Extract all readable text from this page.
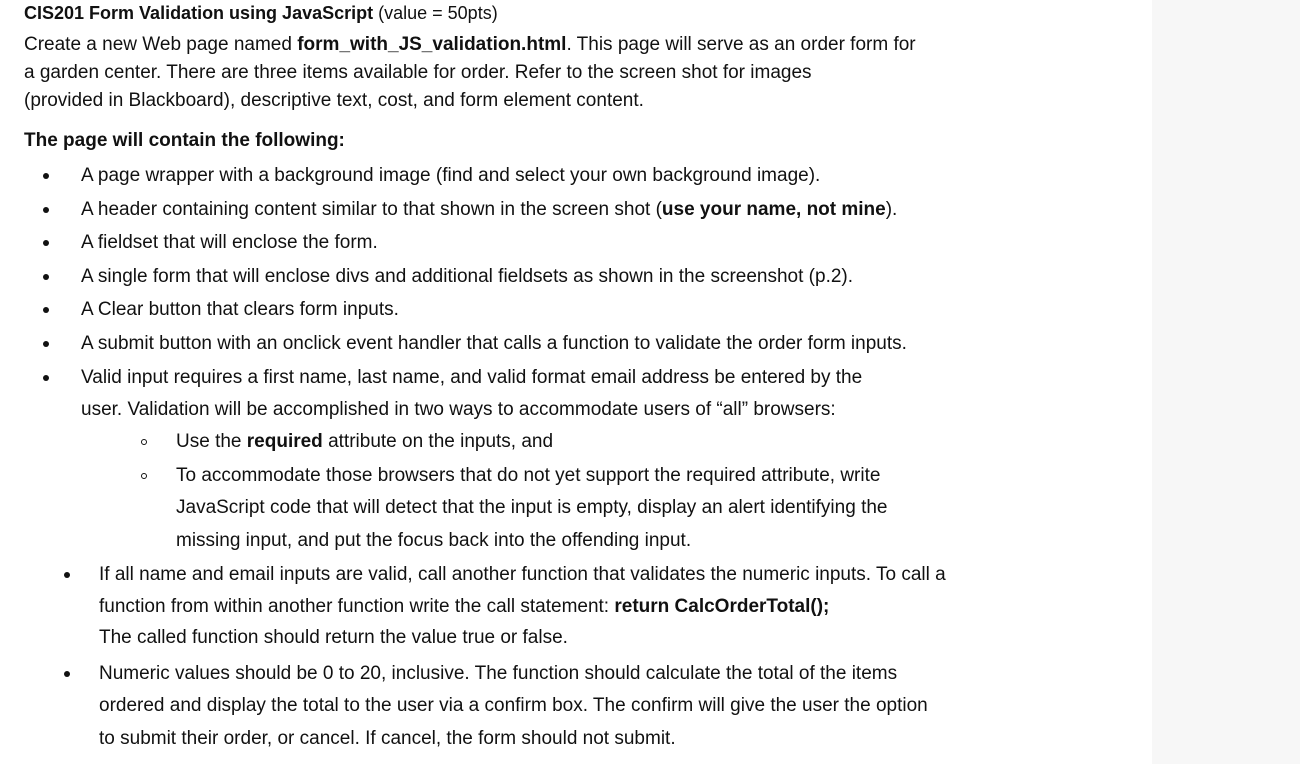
CIS201 Form Validation using JavaScript (value = 50pts)
Create a new Web page named form_with_JS_validation.html. This page will serve as an order form for
a garden center. There are three items available for order. Refer to the screen shot for images
(provided in Blackboard), descriptive text, cost, and form element content.
The page will contain the following:
A page wrapper with a background image (find and select your own background image).
A header containing content similar to that shown in the screen shot (use your name, not mine).
A fieldset that will enclose the form.
A single form that will enclose divs and additional fieldsets as shown in the screenshot (p.2).
A Clear button that clears form inputs.
A submit button with an onclick event handler that calls a function to validate the order form inputs.
Valid input requires a first name, last name, and valid format email address be entered by the
user. Validation will be accomplished in two ways to accommodate users of “all” browsers:
Use the required attribute on the inputs, and
To accommodate those browsers that do not yet support the required attribute, write
JavaScript code that will detect that the input is empty, display an alert identifying the
missing input, and put the focus back into the offending input.
If all name and email inputs are valid, call another function that validates the numeric inputs. To call a
function from within another function write the call statement: return CalcOrderTotal();
The called function should return the value true or false.
Numeric values should be 0 to 20, inclusive. The function should calculate the total of the items
ordered and display the total to the user via a confirm box. The confirm will give the user the option
to submit their order, or cancel. If cancel, the form should not submit.
